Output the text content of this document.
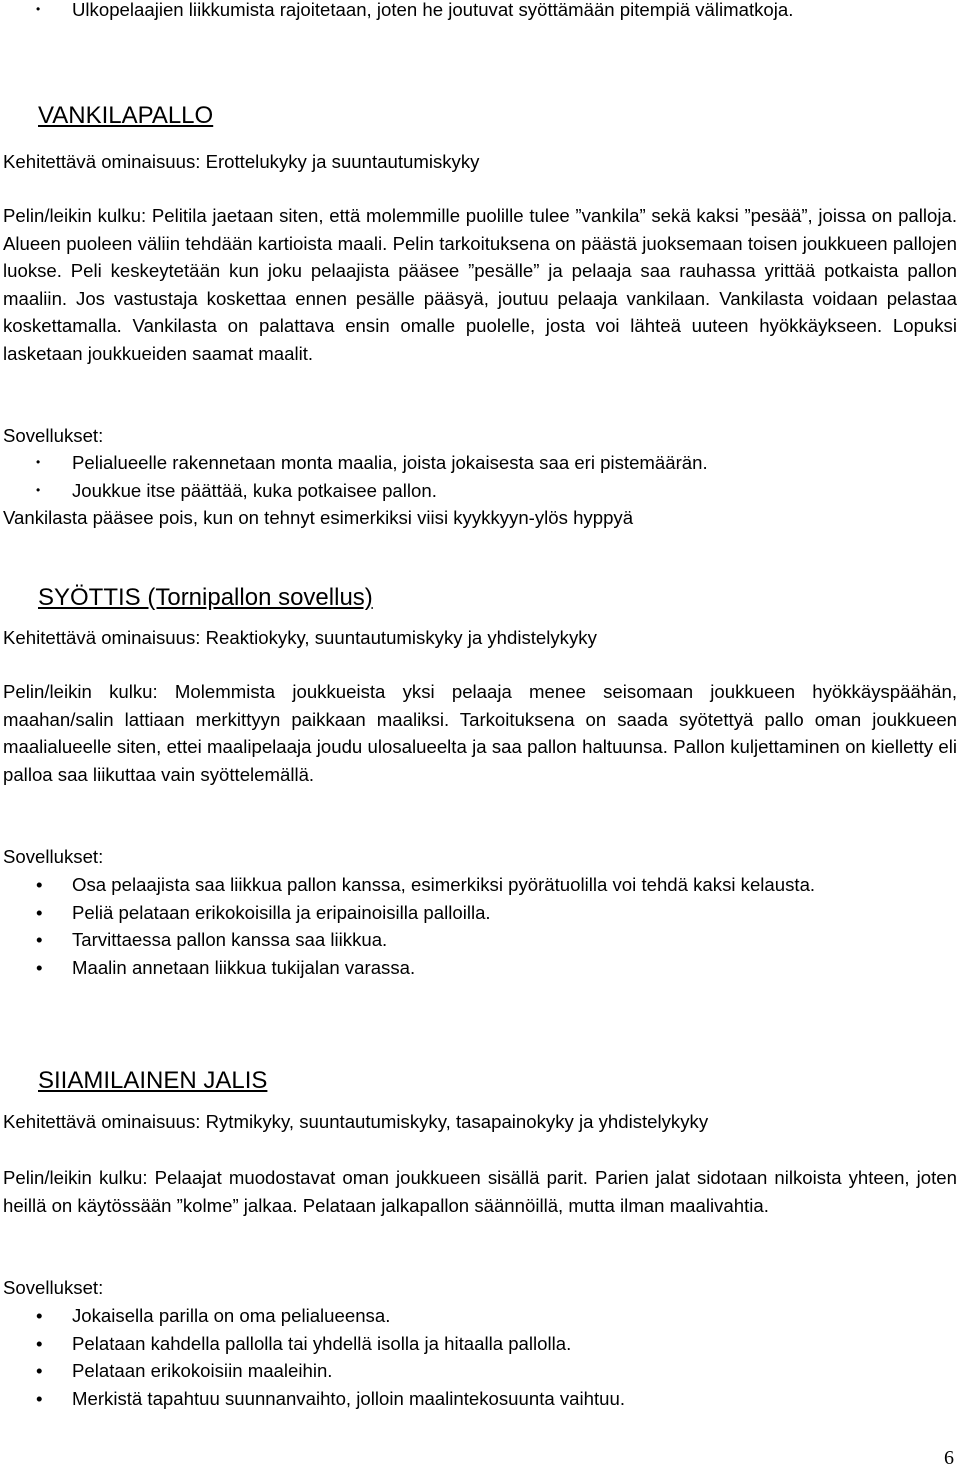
• Ulkopelaajien liikkumista rajoitetaan, joten he joutuvat syöttämään pitempiä välimatkoja.
VANKILAPALLO

Kehitettävä ominaisuus: Erottelukyky ja suuntautumiskyky

Pelin/leikin kulku: Pelitila jaetaan siten, että molemmille puolille tulee ”vankila” sekä kaksi ”pesää”, joissa on palloja. Alueen puoleen väliin tehdään kartioista maali. Pelin tarkoituksena on päästä juoksemaan toisen joukkueen pallojen luokse. Peli keskeytetään kun joku pelaajista pääsee ”pesälle” ja pelaaja saa rauhassa yrittää potkaista pallon maaliin. Jos vastustaja koskettaa ennen pesälle pääsyä, joutuu pelaaja vankilaan. Vankilasta voidaan pelastaa koskettamalla. Vankilasta on palattava ensin omalle puolelle, josta voi lähteä uuteen hyökkäykseen. Lopuksi lasketaan joukkueiden saamat maalit.

Sovellukset:

• Pelialueelle rakennetaan monta maalia, joista jokaisesta saa eri pistemäärän.
• Joukkue itse päättää, kuka potkaisee pallon.

Vankilasta pääsee pois, kun on tehnyt esimerkiksi viisi kyykkyyn-ylös hyppyä

SYÖTTIS (Tornipallon sovellus)

Kehitettävä ominaisuus: Reaktiokyky, suuntautumiskyky ja yhdistelykyky

Pelin/leikin kulku: Molemmista joukkueista yksi pelaaja menee seisomaan joukkueen hyökkäyspäähän, maahan/salin lattiaan merkittyyn paikkaan maaliksi. Tarkoituksena on saada syötettyä pallo oman joukkueen maalialueelle siten, ettei maalipelaaja joudu ulosalueelta ja saa pallon haltuunsa. Pallon kuljettaminen on kielletty eli palloa saa liikuttaa vain syöttelemällä.

Sovellukset:

• Osa pelaajista saa liikkua pallon kanssa, esimerkiksi pyörätuolilla voi tehdä kaksi kelausta.
• Peliä pelataan erikokoisilla ja eripainoisilla palloilla.
• Tarvittaessa pallon kanssa saa liikkua.
• Maalin annetaan liikkua tukijalan varassa.
SIIAMILAINEN JALIS

Kehitettävä ominaisuus: Rytmikyky, suuntautumiskyky, tasapainokyky ja yhdistelykyky

Pelin/leikin kulku: Pelaajat muodostavat oman joukkueen sisällä parit. Parien jalat sidotaan nilkoista yhteen, joten heillä on käytössään ”kolme” jalkaa. Pelataan jalkapallon säännöillä, mutta ilman maalivahtia.

Sovellukset:

• Jokaisella parilla on oma pelialueensa.
• Pelataan kahdella pallolla tai yhdellä isolla ja hitaalla pallolla.
• Pelataan erikokoisiin maaleihin.
• Merkistä tapahtuu suunnanvaihto, jolloin maalintekosuunta vaihtuu.
6
